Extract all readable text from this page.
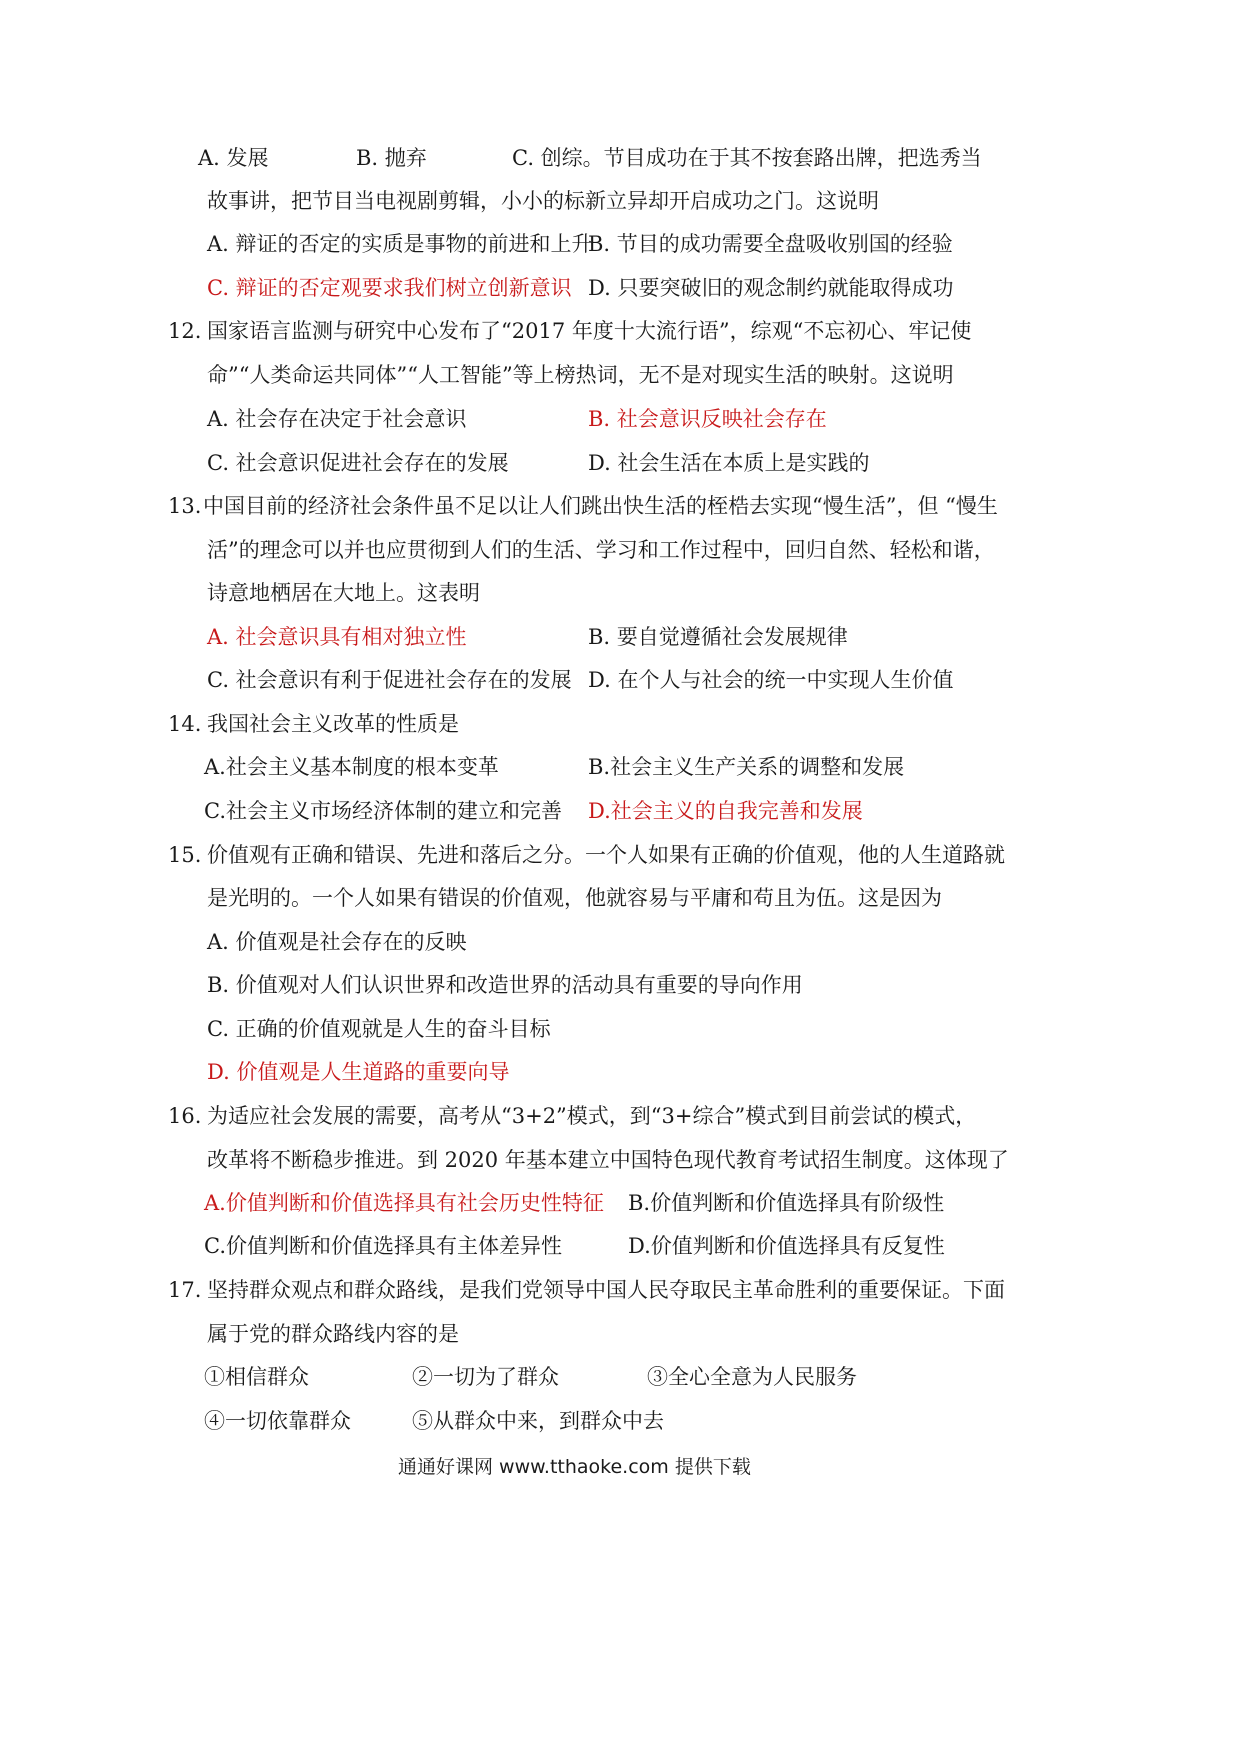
A. 发展	B. 抛弃	C. 创综。节目成功在于其不按套路出牌，把选秀当
故事讲，把节目当电视剧剪辑，小小的标新立异却开启成功之门。这说明
A. 辩证的否定的实质是事物的前进和上升
B. 节目的成功需要全盘吸收别国的经验
C. 辩证的否定观要求我们树立创新意识 D. 只要突破旧的观念制约就能取得成功
12. 国家语言监测与研究中心发布了“2017 年度十大流行语”，综观“不忘初心、牢记使
命”“人类命运共同体”“人工智能”等上榜热词，无不是对现实生活的映射。这说明
A. 社会存在决定于社会意识	B. 社会意识反映社会存在
C. 社会意识促进社会存在的发展	D. 社会生活在本质上是实践的
13. 中国目前的经济社会条件虽不足以让人们跳出快生活的桎梏去实现“慢生活”，但 “慢生
活”的理念可以并也应贯彻到人们的生活、学习和工作过程中，回归自然、轻松和谐，
诗意地栖居在大地上。这表明
A. 社会意识具有相对独立性	B. 要自觉遵循社会发展规律
C. 社会意识有利于促进社会存在的发展 D. 在个人与社会的统一中实现人生价值
14. 我国社会主义改革的性质是
A.社会主义基本制度的根本变革	B.社会主义生产关系的调整和发展
C.社会主义市场经济体制的建立和完善 D.社会主义的自我完善和发展
15. 价值观有正确和错误、先进和落后之分。一个人如果有正确的价值观，他的人生道路就
是光明的。一个人如果有错误的价值观，他就容易与平庸和苟且为伍。这是因为
A. 价值观是社会存在的反映
B. 价值观对人们认识世界和改造世界的活动具有重要的导向作用
C. 正确的价值观就是人生的奋斗目标
D. 价值观是人生道路的重要向导
16. 为适应社会发展的需要，高考从“3+2”模式，到“3+综合”模式到目前尝试的模式，
改革将不断稳步推进。到 2020 年基本建立中国特色现代教育考试招生制度。这体现了
A.价值判断和价值选择具有社会历史性特征 B.价值判断和价值选择具有阶级性
C.价值判断和价值选择具有主体差异性	D.价值判断和价值选择具有反复性
17. 坚持群众观点和群众路线，是我们党领导中国人民夺取民主革命胜利的重要保证。下面
属于党的群众路线内容的是
①相信群众	②一切为了群众	③全心全意为人民服务
④一切依靠群众	⑤从群众中来，到群众中去
通通好课网 www.tthaoke.com 提供下载
